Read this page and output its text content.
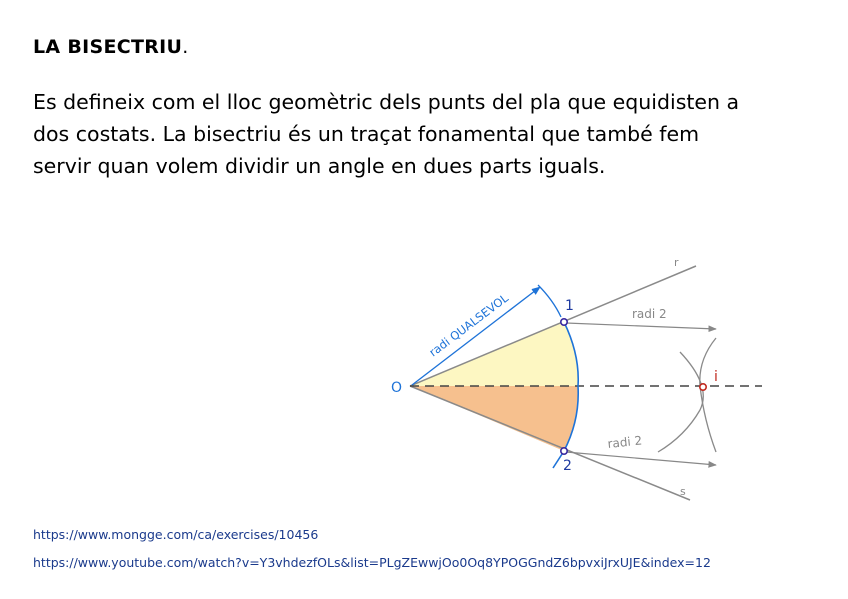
LA BISECTRIU.

Es defineix com el lloc geomètric dels punts del pla que equidisten a

dos costats. La bisectriu és un traçat fonamental que també fem

servir quan volem dividir un angle en dues parts iguals.

O
1
2
i
r
s
radi 2
radi 2
radi QUALSEVOL
https://www.mongge.com/ca/exercises/10456
https://www.youtube.com/watch?v=Y3vhdezfOLs&list=PLgZEwwjOo0Oq8YPOGGndZ6bpvxiJrxUJE&index=12
